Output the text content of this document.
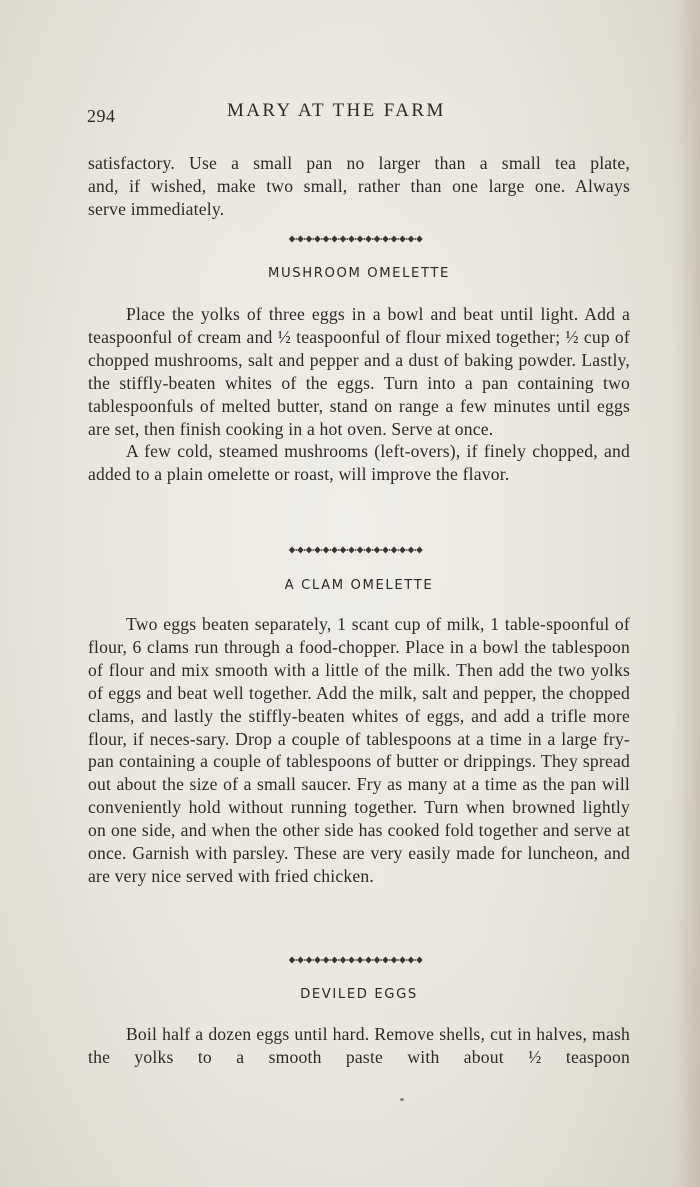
294	MARY AT THE FARM

satisfactory. Use a small pan no larger than a small tea plate,

and, if wished, make two small, rather than one large one. Always

serve immediately.

MUSHROOM OMELETTE

Place the yolks of three eggs in a bowl and beat until light. Add a teaspoonful of cream and ½ teaspoonful of flour mixed together; ½ cup of chopped mushrooms, salt and pepper and a dust of baking powder. Lastly, the stiffly-beaten whites of the eggs. Turn into a pan containing two tablespoonfuls of melted butter, stand on range a few minutes until eggs are set, then finish cooking in a hot oven. Serve at once.

A few cold, steamed mushrooms (left-overs), if finely chopped, and added to a plain omelette or roast, will improve the flavor.

A CLAM OMELETTE

Two eggs beaten separately, 1 scant cup of milk, 1 table-spoonful of flour, 6 clams run through a food-chopper. Place in a bowl the tablespoon of flour and mix smooth with a little of the milk. Then add the two yolks of eggs and beat well together. Add the milk, salt and pepper, the chopped clams, and lastly the stiffly-beaten whites of eggs, and add a trifle more flour, if neces-sary. Drop a couple of tablespoons at a time in a large fry-pan containing a couple of tablespoons of butter or drippings. They spread out about the size of a small saucer. Fry as many at a time as the pan will conveniently hold without running together. Turn when browned lightly on one side, and when the other side has cooked fold together and serve at once. Garnish with parsley. These are very easily made for luncheon, and are very nice served with fried chicken.

DEVILED EGGS

Boil half a dozen eggs until hard. Remove shells, cut in halves, mash the yolks to a smooth paste with about ½ teaspoon
